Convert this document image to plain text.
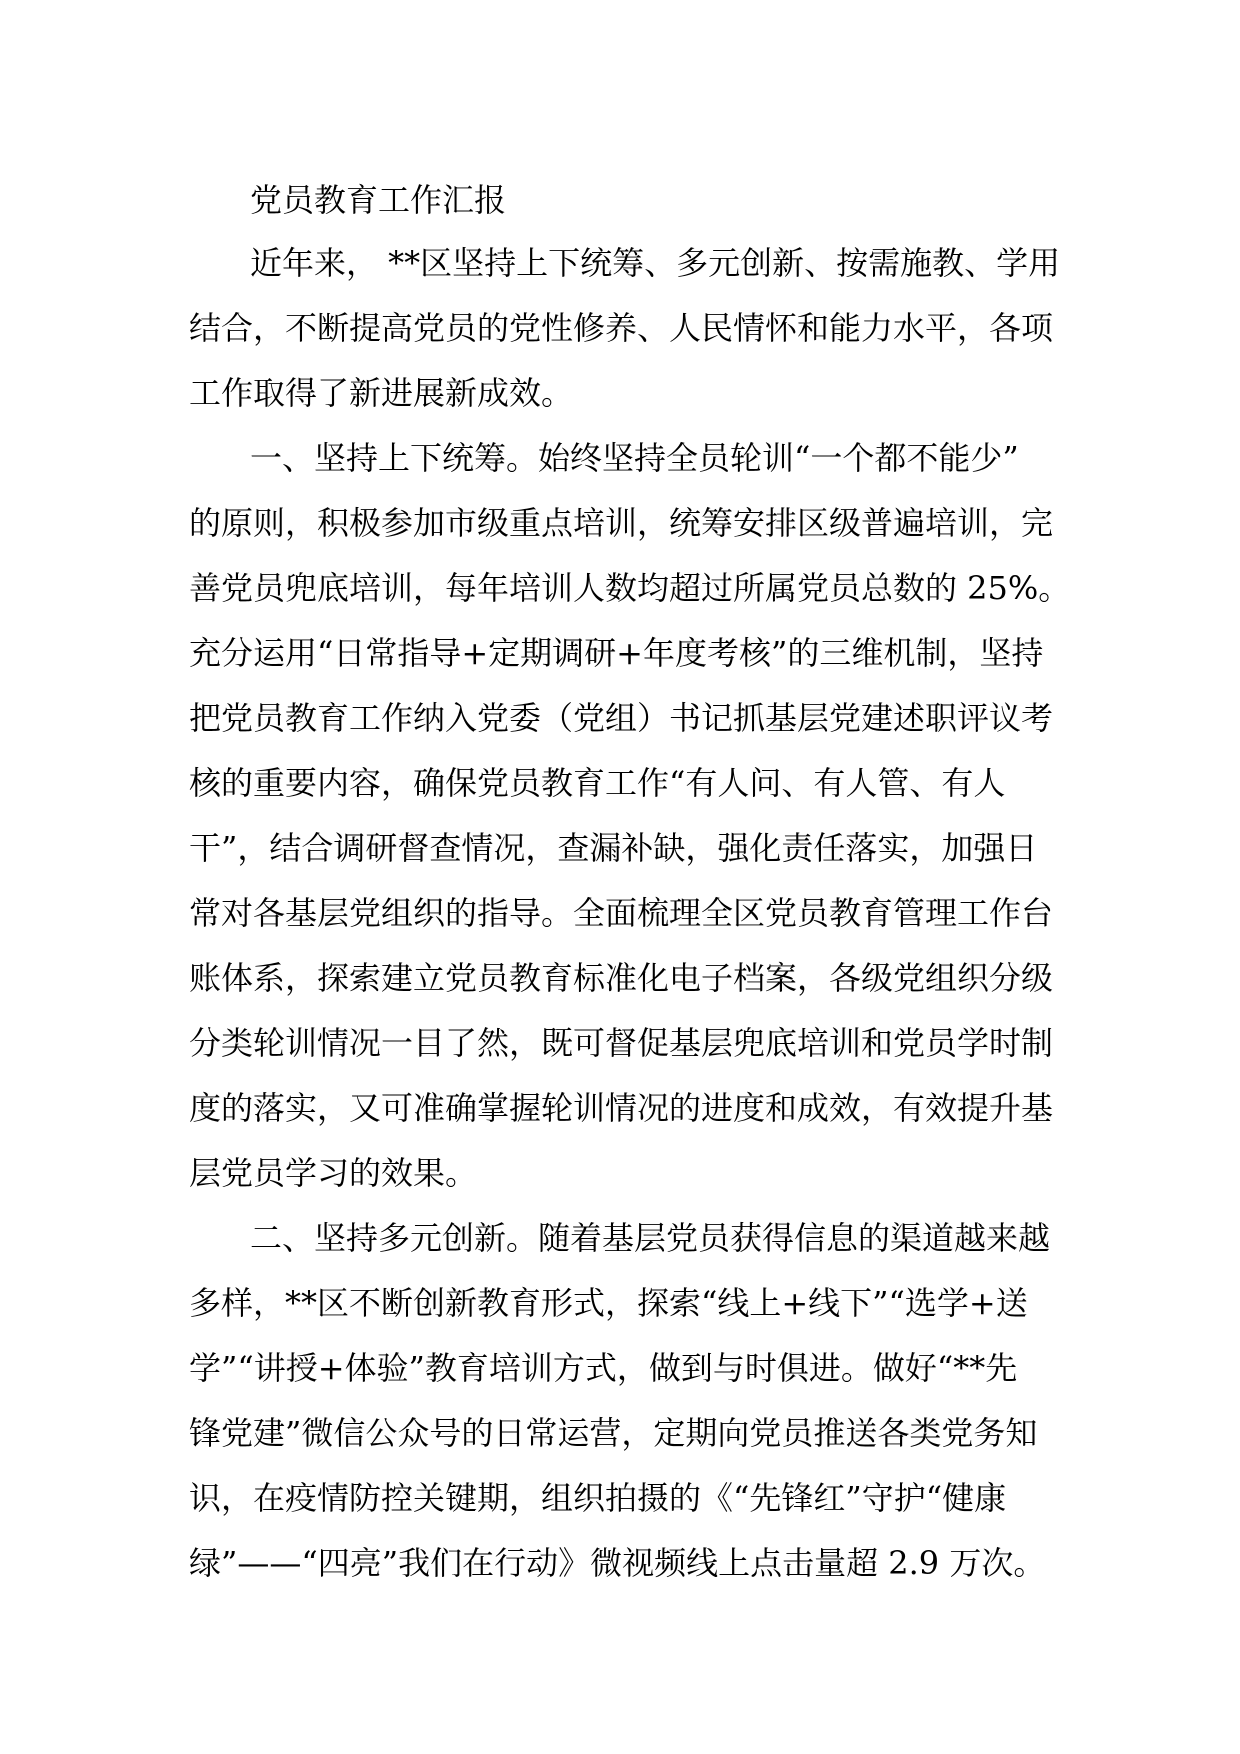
党员教育工作汇报
近年来， **区坚持上下统筹、多元创新、按需施教、学用
结合，不断提高党员的党性修养、人民情怀和能力水平，各项
工作取得了新进展新成效。
一、坚持上下统筹。始终坚持全员轮训“一个都不能少”
的原则，积极参加市级重点培训，统筹安排区级普遍培训，完
善党员兜底培训，每年培训人数均超过所属党员总数的 25%。
充分运用“日常指导+定期调研+年度考核”的三维机制，坚持
把党员教育工作纳入党委（党组）书记抓基层党建述职评议考
核的重要内容，确保党员教育工作“有人问、有人管、有人
干”，结合调研督查情况，查漏补缺，强化责任落实，加强日
常对各基层党组织的指导。全面梳理全区党员教育管理工作台
账体系，探索建立党员教育标准化电子档案，各级党组织分级
分类轮训情况一目了然，既可督促基层兜底培训和党员学时制
度的落实，又可准确掌握轮训情况的进度和成效，有效提升基
层党员学习的效果。
二、坚持多元创新。随着基层党员获得信息的渠道越来越
多样，**区不断创新教育形式，探索“线上+线下”“选学+送
学”“讲授+体验”教育培训方式，做到与时俱进。做好“**先
锋党建”微信公众号的日常运营，定期向党员推送各类党务知
识，在疫情防控关键期，组织拍摄的《“先锋红”守护“健康
绿”——“四亮”我们在行动》微视频线上点击量超 2.9 万次。
